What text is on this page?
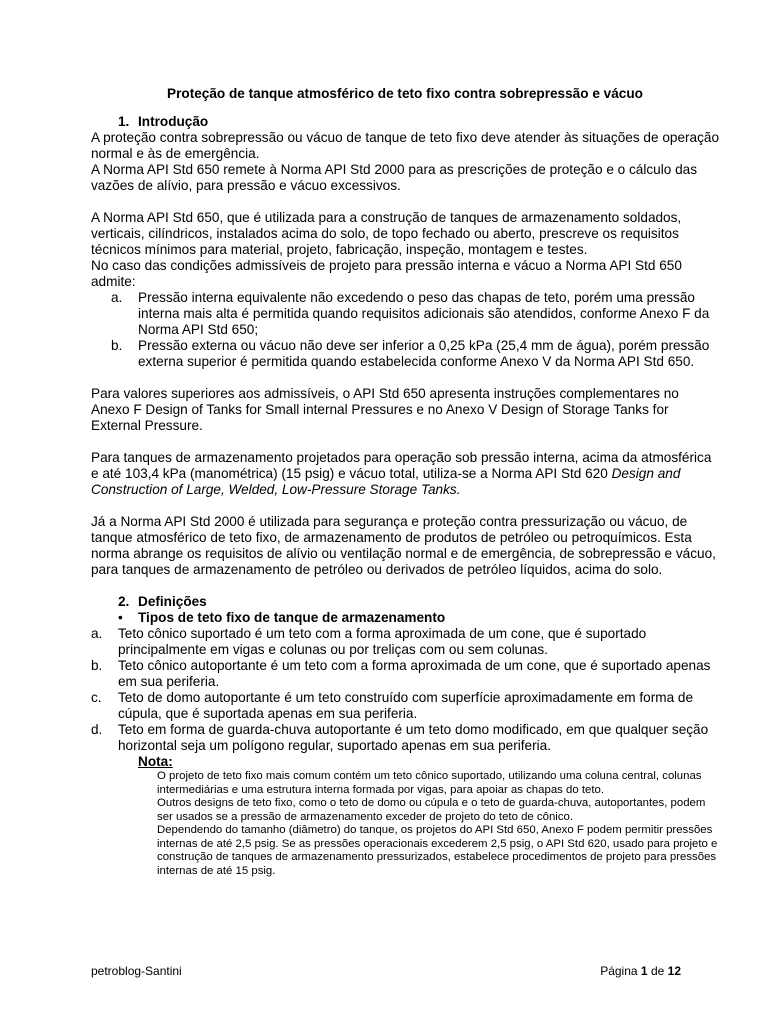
Proteção de tanque atmosférico de teto fixo contra sobrepressão e vácuo

1. Introdução

A proteção contra sobrepressão ou vácuo de tanque de teto fixo deve atender às situações de operação normal e às de emergência.

A Norma API Std 650 remete à Norma API Std 2000 para as prescrições de proteção e o cálculo das vazões de alívio, para pressão e vácuo excessivos.

A Norma API Std 650, que é utilizada para a construção de tanques de armazenamento soldados, verticais, cilíndricos, instalados acima do solo, de topo fechado ou aberto, prescreve os requisitos técnicos mínimos para material, projeto, fabricação, inspeção, montagem e testes.

No caso das condições admissíveis de projeto para pressão interna e vácuo a Norma API Std 650 admite:

a. Pressão interna equivalente não excedendo o peso das chapas de teto, porém uma pressão interna mais alta é permitida quando requisitos adicionais são atendidos, conforme Anexo F da Norma API Std 650;
b. Pressão externa ou vácuo não deve ser inferior a 0,25 kPa (25,4 mm de água), porém pressão externa superior é permitida quando estabelecida conforme Anexo V da Norma API Std 650.

Para valores superiores aos admissíveis, o API Std 650 apresenta instruções complementares no Anexo F Design of Tanks for Small internal Pressures e no Anexo V Design of Storage Tanks for External Pressure.

Para tanques de armazenamento projetados para operação sob pressão interna, acima da atmosférica e até 103,4 kPa (manométrica) (15 psig) e vácuo total, utiliza-se a Norma API Std 620 Design and Construction of Large, Welded, Low-Pressure Storage Tanks.

Já a Norma API Std 2000 é utilizada para segurança e proteção contra pressurização ou vácuo, de tanque atmosférico de teto fixo, de armazenamento de produtos de petróleo ou petroquímicos. Esta norma abrange os requisitos de alívio ou ventilação normal e de emergência, de sobrepressão e vácuo, para tanques de armazenamento de petróleo ou derivados de petróleo líquidos, acima do solo.

2. Definições

• Tipos de teto fixo de tanque de armazenamento

a. Teto cônico suportado é um teto com a forma aproximada de um cone, que é suportado principalmente em vigas e colunas ou por treliças com ou sem colunas.
b. Teto cônico autoportante é um teto com a forma aproximada de um cone, que é suportado apenas em sua periferia.
c. Teto de domo autoportante é um teto construído com superfície aproximadamente em forma de cúpula, que é suportada apenas em sua periferia.
d. Teto em forma de guarda-chuva autoportante é um teto domo modificado, em que qualquer seção horizontal seja um polígono regular, suportado apenas em sua periferia.

Nota:

O projeto de teto fixo mais comum contém um teto cônico suportado, utilizando uma coluna central, colunas intermediárias e uma estrutura interna formada por vigas, para apoiar as chapas do teto.

Outros designs de teto fixo, como o teto de domo ou cúpula e o teto de guarda-chuva, autoportantes, podem ser usados se a pressão de armazenamento exceder de projeto do teto de cônico.

Dependendo do tamanho (diâmetro) do tanque, os projetos do API Std 650, Anexo F podem permitir pressões internas de até 2,5 psig. Se as pressões operacionais excederem 2,5 psig, o API Std 620, usado para projeto e construção de tanques de armazenamento pressurizados, estabelece procedimentos de projeto para pressões internas de até 15 psig.

petroblog-Santini	Página 1 de 12
